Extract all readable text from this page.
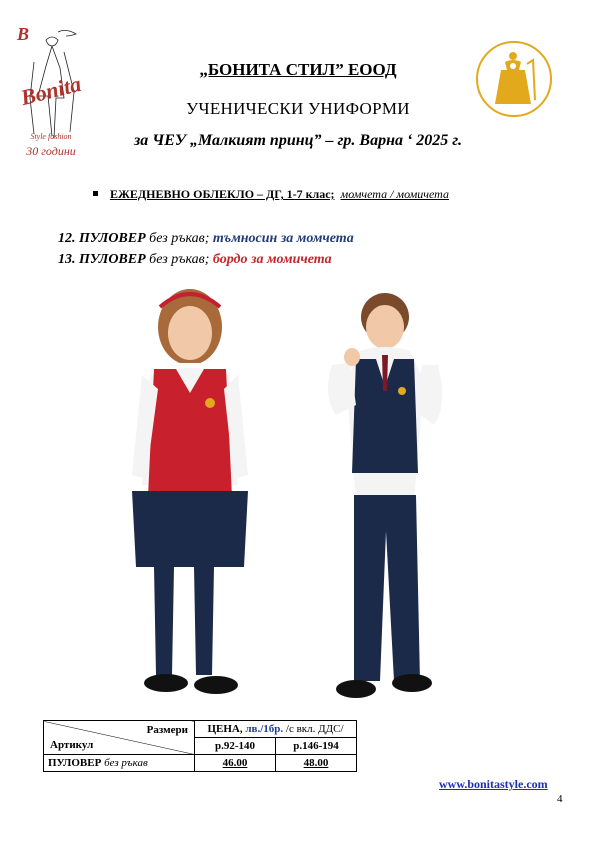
B
Bonita
Style fashion
30 години
„БОНИТА СТИЛ” ЕООД
УЧЕНИЧЕСКИ УНИФОРМИ
за ЧЕУ „Малкият принц” – гр. Варна ‘ 2025 г.
ЕЖЕДНЕВНО ОБЛЕКЛО – ДГ, 1-7 клас; момчета / момичета
12. ПУЛОВЕР без ръкав; тъмносин за момчета
13. ПУЛОВЕР без ръкав; бордо за момичета
Размери
Артикул	ЦЕНА, лв./1бр. /с вкл. ДДС/	
	р.92-140	р.146-194
ПУЛОВЕР без ръкав	46.00	48.00
www.bonitastyle.com
4
